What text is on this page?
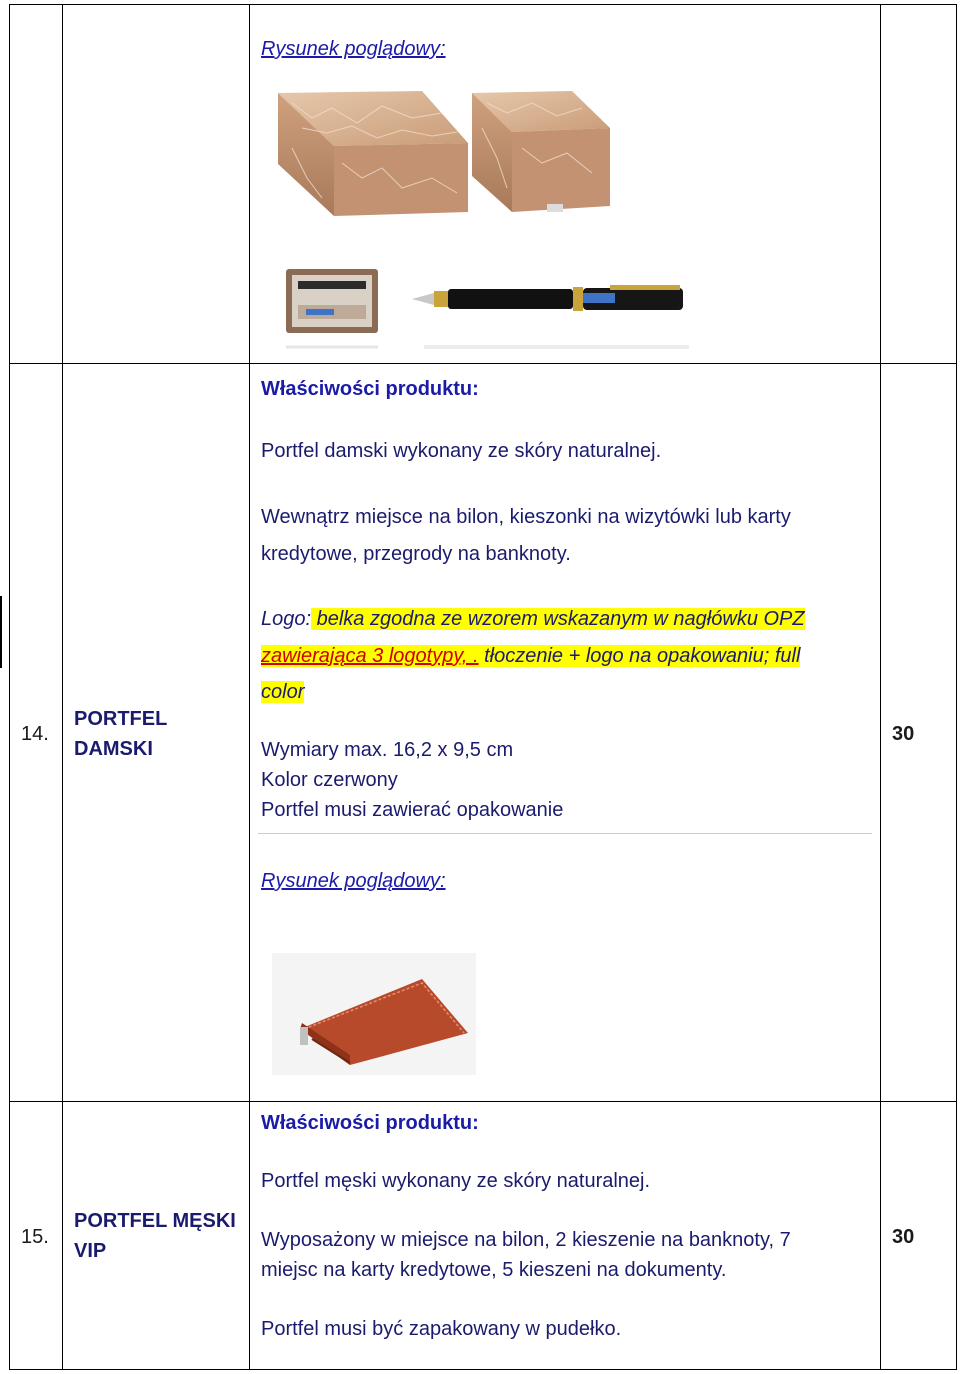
Rysunek poglądowy:
14.
PORTFEL
DAMSKI
30
Właściwości produktu:
Portfel damski wykonany ze skóry naturalnej.
Wewnątrz miejsce na bilon, kieszonki na wizytówki lub karty
kredytowe, przegrody na banknoty.
Logo: belka zgodna ze wzorem wskazanym w nagłówku OPZ
zawierająca 3 logotypy, . tłoczenie + logo na opakowaniu; full
color
Wymiary max. 16,2 x 9,5 cm
Kolor czerwony
Portfel musi zawierać opakowanie
Rysunek poglądowy:
15.
PORTFEL MĘSKI
VIP
30
Właściwości produktu:
Portfel męski wykonany ze skóry naturalnej.
Wyposażony w miejsce na bilon, 2 kieszenie na banknoty, 7
miejsc na karty kredytowe, 5 kieszeni na dokumenty.
Portfel musi być zapakowany w pudełko.
